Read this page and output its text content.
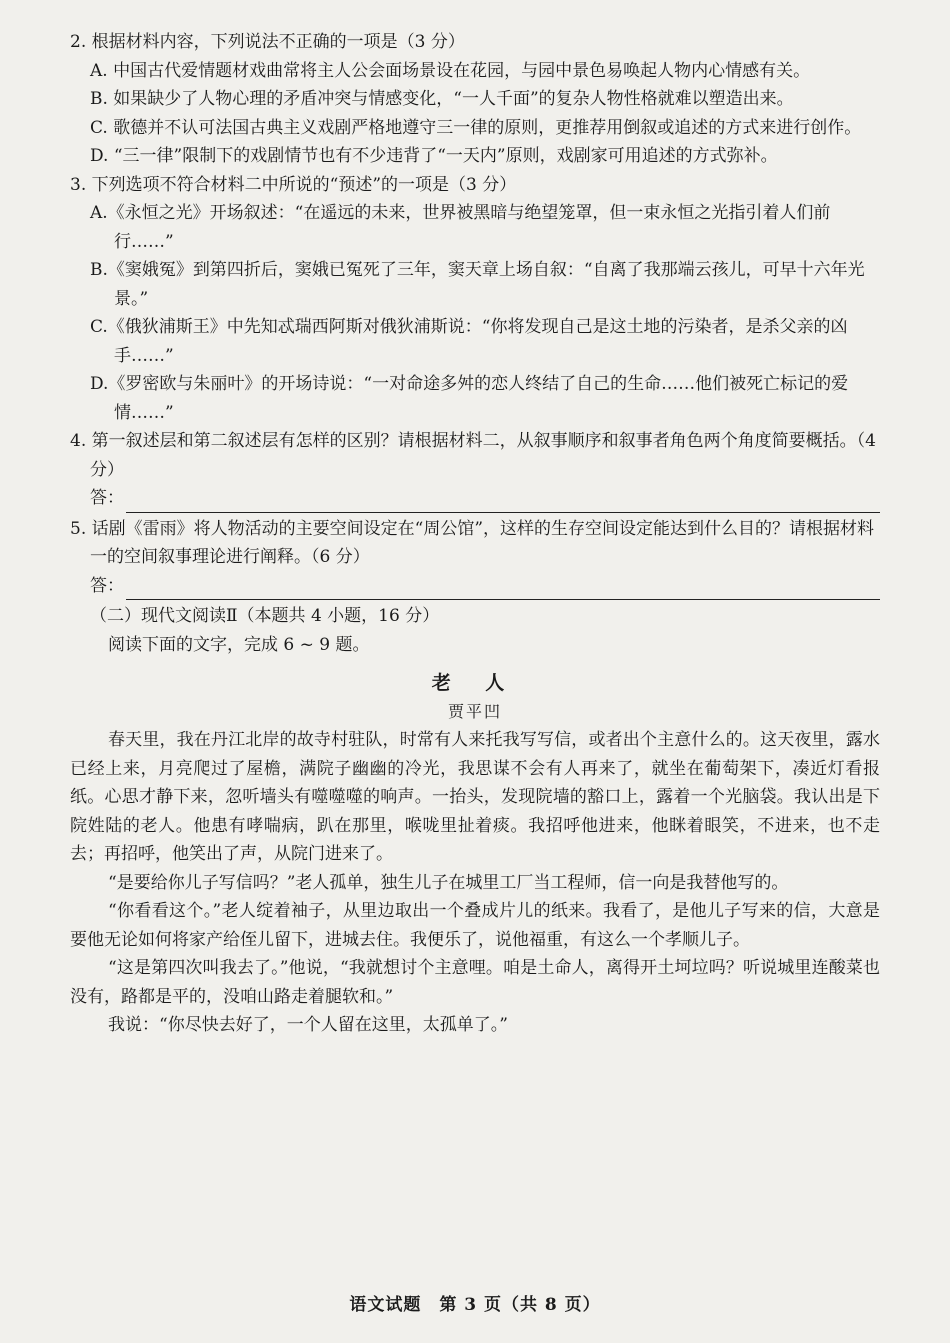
2. 根据材料内容，下列说法不正确的一项是（3 分）

A. 中国古代爱情题材戏曲常将主人公会面场景设在花园，与园中景色易唤起人物内心情感有关。

B. 如果缺少了人物心理的矛盾冲突与情感变化，“一人千面”的复杂人物性格就难以塑造出来。

C. 歌德并不认可法国古典主义戏剧严格地遵守三一律的原则，更推荐用倒叙或追述的方式来进行创作。

D. “三一律”限制下的戏剧情节也有不少违背了“一天内”原则，戏剧家可用追述的方式弥补。

3. 下列选项不符合材料二中所说的“预述”的一项是（3 分）

A.《永恒之光》开场叙述：“在遥远的未来，世界被黑暗与绝望笼罩，但一束永恒之光指引着人们前行……”

B.《窦娥冤》到第四折后，窦娥已冤死了三年，窦天章上场自叙：“自离了我那端云孩儿，可早十六年光景。”

C.《俄狄浦斯王》中先知忒瑞西阿斯对俄狄浦斯说：“你将发现自己是这土地的污染者，是杀父亲的凶手……”

D.《罗密欧与朱丽叶》的开场诗说：“一对命途多舛的恋人终结了自己的生命……他们被死亡标记的爱情……”

4. 第一叙述层和第二叙述层有怎样的区别？请根据材料二，从叙事顺序和叙事者角色两个角度简要概括。（4 分）

答：

5. 话剧《雷雨》将人物活动的主要空间设定在“周公馆”，这样的生存空间设定能达到什么目的？请根据材料一的空间叙事理论进行阐释。（6 分）

答：

（二）现代文阅读Ⅱ（本题共 4 小题，16 分）

阅读下面的文字，完成 6 ~ 9 题。

老 人

贾平凹

春天里，我在丹江北岸的故寺村驻队，时常有人来托我写写信，或者出个主意什么的。这天夜里，露水已经上来，月亮爬过了屋檐，满院子幽幽的冷光，我思谋不会有人再来了，就坐在葡萄架下，凑近灯看报纸。心思才静下来，忽听墙头有噬噬噬的响声。一抬头，发现院墙的豁口上，露着一个光脑袋。我认出是下院姓陆的老人。他患有哮喘病，趴在那里，喉咙里扯着痰。我招呼他进来，他眯着眼笑，不进来，也不走去；再招呼，他笑出了声，从院门进来了。

“是要给你儿子写信吗？”老人孤单，独生儿子在城里工厂当工程师，信一向是我替他写的。

“你看看这个。”老人绽着袖子，从里边取出一个叠成片儿的纸来。我看了，是他儿子写来的信，大意是要他无论如何将家产给侄儿留下，进城去住。我便乐了，说他福重，有这么一个孝顺儿子。

“这是第四次叫我去了。”他说，“我就想讨个主意哩。咱是土命人，离得开土坷垃吗？听说城里连酸菜也没有，路都是平的，没咱山路走着腿软和。”

我说：“你尽快去好了，一个人留在这里，太孤单了。”

语文试题　第 3 页（共 8 页）
